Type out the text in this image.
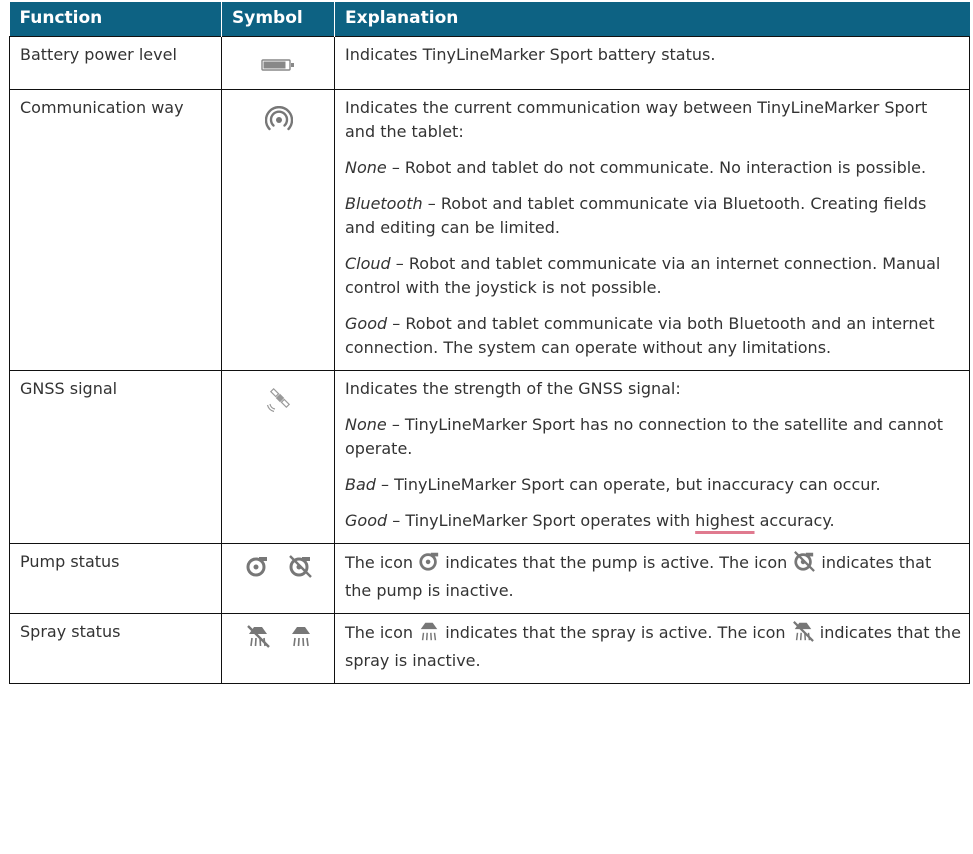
Function	Symbol	Explanation
Battery power level		Indicates TinyLineMarker Sport battery status.

Communication way		Indicates the current communication way between TinyLineMarker Sport and the tablet:

None – Robot and tablet do not communicate. No interaction is possible.

Bluetooth – Robot and tablet communicate via Bluetooth. Creating fields and editing can be limited.

Cloud – Robot and tablet communicate via an internet connection. Manual control with the joystick is not possible.

Good – Robot and tablet communicate via both Bluetooth and an internet connection. The system can operate without any limitations.

GNSS signal		Indicates the strength of the GNSS signal:

None – TinyLineMarker Sport has no connection to the satellite and cannot operate.

Bad – TinyLineMarker Sport can operate, but inaccuracy can occur.

Good – TinyLineMarker Sport operates with highest accuracy.

Pump status		The icon  indicates that the pump is active. The icon  indicates that the pump is inactive.

Spray status		The icon  indicates that the spray is active. The icon  indicates that the spray is inactive.
